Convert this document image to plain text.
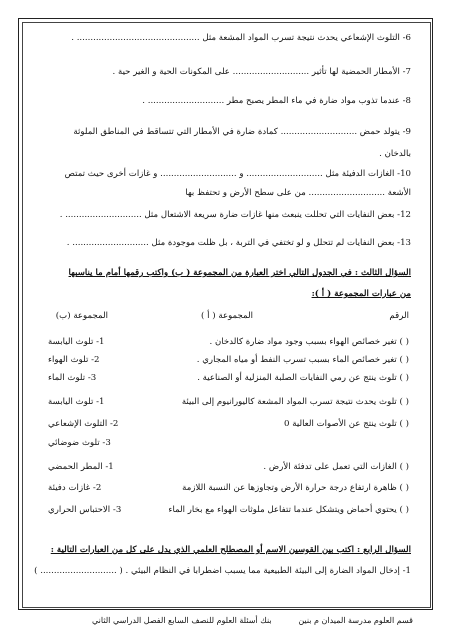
6- التلوث الإشعاعي يحدث نتيجة تسرب المواد المشعة مثل ............................................. .
7- الأمطار الحمضية لها تأثير ............................ على المكونات الحية و الغير حية .
8- عندما تذوب مواد ضارة في ماء المطر يصبح مطر ............................ .
9- يتولد حمض ............................ كمادة ضارة في الأمطار التي تتساقط في المناطق الملوثة
بالدخان .
10- الغازات الدفيئة مثل ............................ و ............................ و غازات أخرى حيث تمتص
الأشعة ............................ من على سطح الأرض و تحتفظ بها
12- بعض النفايات التي تحللت ينبعث منها غازات ضارة سريعة الاشتعال مثل ............................ .
13- بعض النفايات لم تتحلل و لو تختفي في التربة ، بل ظلت موجودة مثل ............................ .
السؤال الثالث : في الجدول التالي اختر العبارة من المجموعة ( ب) واكتب رقمها أمام ما يناسبها
من عبارات المجموعة ( أ ):
الرقم
المجموعة ( أ )
المجموعة (ب)
( ) تغير خصائص الهواء بسبب وجود مواد ضارة كالدخان .
( ) تغير خصائص الماء بسبب تسرب النفط أو مياه المجاري .
( ) تلوث ينتج عن رمي النفايات الصلبة المنزلية أو الصناعية .
( ) تلوث يحدث نتيجة تسرب المواد المشعة كاليورانيوم إلى البيئة
( ) تلوث ينتج عن الأصوات العالية 0
( ) الغازات التي تعمل على تدفئة الأرض .
( ) ظاهرة ارتفاع درجة حرارة الأرض وتجاوزها عن النسبة اللازمة
( ) يحتوي أحماض ويتشكل عندما تتفاعل ملوثات الهواء مع بخار الماء
1- تلوث اليابسة
2- تلوث الهواء
3- تلوث الماء
1- تلوث اليابسة
2- التلوث الإشعاعي
3- تلوث ضوضائي
1- المطر الحمضي
2- غازات دفيئة
3- الاحتباس الحراري
السؤال الرابع : اكتب بين القوسين الاسم أو المصطلح العلمي الذي يدل على كل من العبارات التالية :
1- إدخال المواد الضارة إلى البيئة الطبيعية مما يسبب اضطرابا في النظام البيئي . ( ............................ )
قسم العلوم مدرسة الميدان م بنين
بنك أسئلة العلوم للنصف السابع الفصل الدراسي الثاني
